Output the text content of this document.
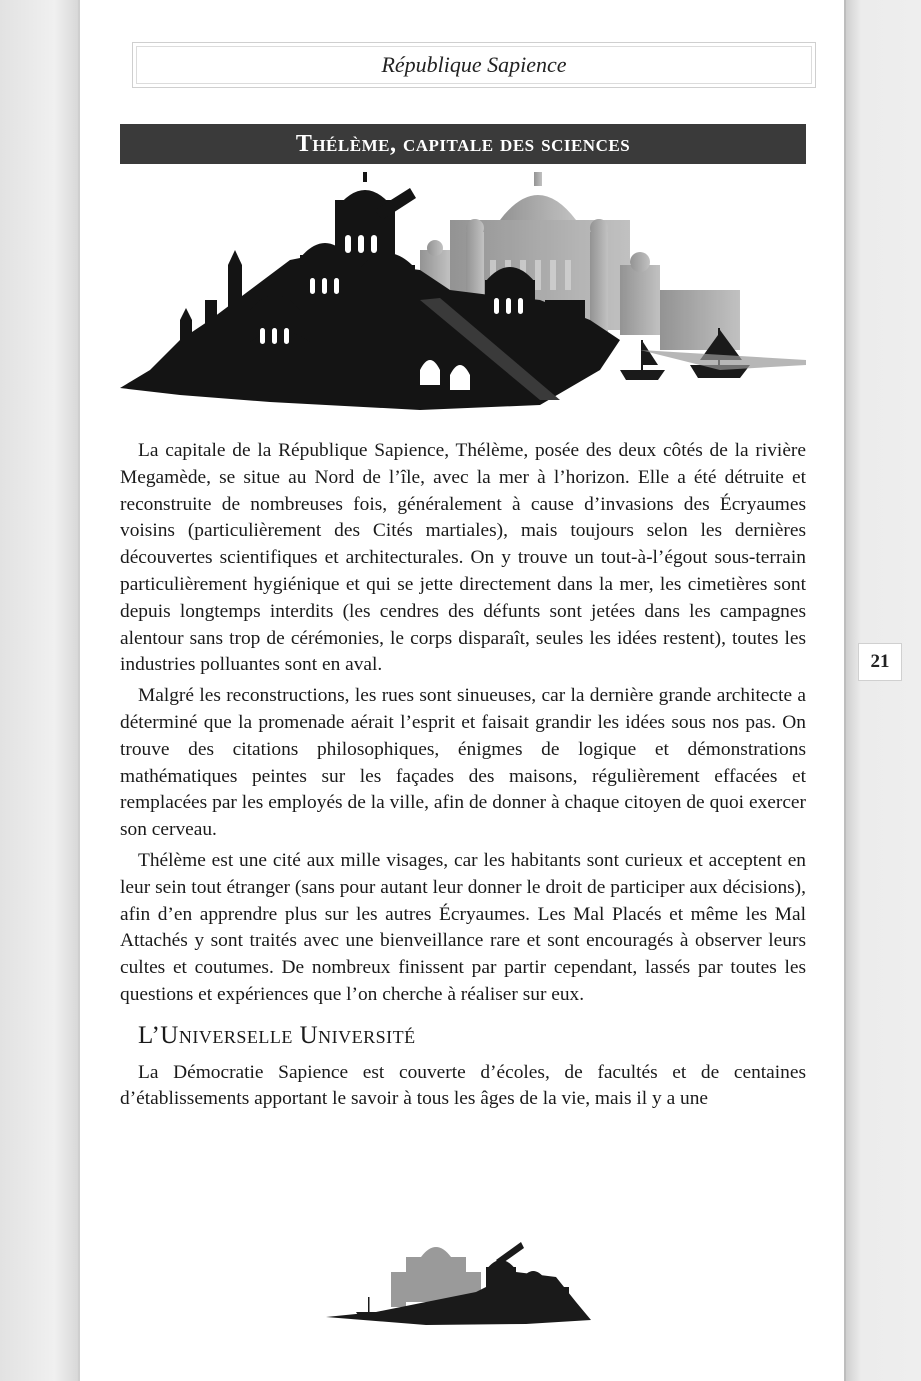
République Sapience
Thélème, capitale des sciences

La capitale de la République Sapience, Thélème, posée des deux côtés de la rivière Megamède, se situe au Nord de l’île, avec la mer à l’horizon. Elle a été détruite et reconstruite de nombreuses fois, généralement à cause d’invasions des Écryaumes voisins (particulièrement des Cités martiales), mais toujours selon les dernières découvertes scientifiques et architecturales. On y trouve un tout-à-l’égout sous-terrain particulièrement hygiénique et qui se jette directement dans la mer, les cimetières sont depuis longtemps interdits (les cendres des défunts sont jetées dans les campagnes alentour sans trop de cérémonies, le corps disparaît, seules les idées restent), toutes les industries polluantes sont en aval.

Malgré les reconstructions, les rues sont sinueuses, car la dernière grande architecte a déterminé que la promenade aérait l’esprit et faisait grandir les idées sous nos pas. On trouve des citations philosophiques, énigmes de logique et démonstrations mathématiques peintes sur les façades des maisons, régulièrement effacées et remplacées par les employés de la ville, afin de donner à chaque citoyen de quoi exercer son cerveau.

Thélème est une cité aux mille visages, car les habitants sont curieux et acceptent en leur sein tout étranger (sans pour autant leur donner le droit de participer aux décisions), afin d’en apprendre plus sur les autres Écryaumes. Les Mal Placés et même les Mal Attachés y sont traités avec une bienveillance rare et sont encouragés à observer leurs cultes et coutumes. De nombreux finissent par partir cependant, lassés par toutes les questions et expériences que l’on cherche à réaliser sur eux.

L’Universelle Université

La Démocratie Sapience est couverte d’écoles, de facultés et de centaines d’établissements apportant le savoir à tous les âges de la vie, mais il y a une

21
